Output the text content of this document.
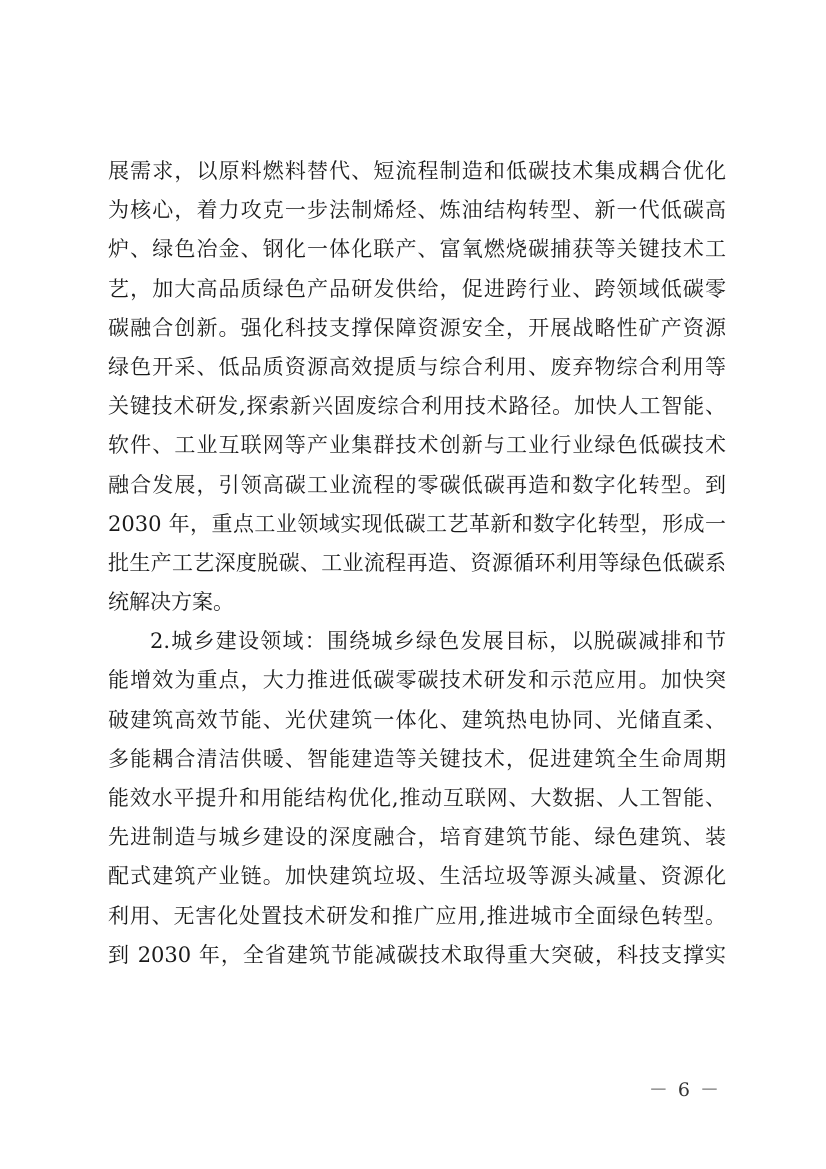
展需求，以原料燃料替代、短流程制造和低碳技术集成耦合优化
为核心，着力攻克一步法制烯烃、炼油结构转型、新一代低碳高
炉、绿色冶金、钢化一体化联产、富氧燃烧碳捕获等关键技术工
艺，加大高品质绿色产品研发供给，促进跨行业、跨领域低碳零
碳融合创新。强化科技支撑保障资源安全，开展战略性矿产资源
绿色开采、低品质资源高效提质与综合利用、废弃物综合利用等
关键技术研发,探索新兴固废综合利用技术路径。加快人工智能、
软件、工业互联网等产业集群技术创新与工业行业绿色低碳技术
融合发展，引领高碳工业流程的零碳低碳再造和数字化转型。到
2030 年，重点工业领域实现低碳工艺革新和数字化转型，形成一
批生产工艺深度脱碳、工业流程再造、资源循环利用等绿色低碳系
统解决方案。
2.城乡建设领域：围绕城乡绿色发展目标，以脱碳减排和节
能增效为重点，大力推进低碳零碳技术研发和示范应用。加快突
破建筑高效节能、光伏建筑一体化、建筑热电协同、光储直柔、
多能耦合清洁供暖、智能建造等关键技术，促进建筑全生命周期
能效水平提升和用能结构优化,推动互联网、大数据、人工智能、
先进制造与城乡建设的深度融合，培育建筑节能、绿色建筑、装
配式建筑产业链。加快建筑垃圾、生活垃圾等源头减量、资源化
利用、无害化处置技术研发和推广应用,推进城市全面绿色转型。
到 2030 年，全省建筑节能减碳技术取得重大突破，科技支撑实
－ 6 －
